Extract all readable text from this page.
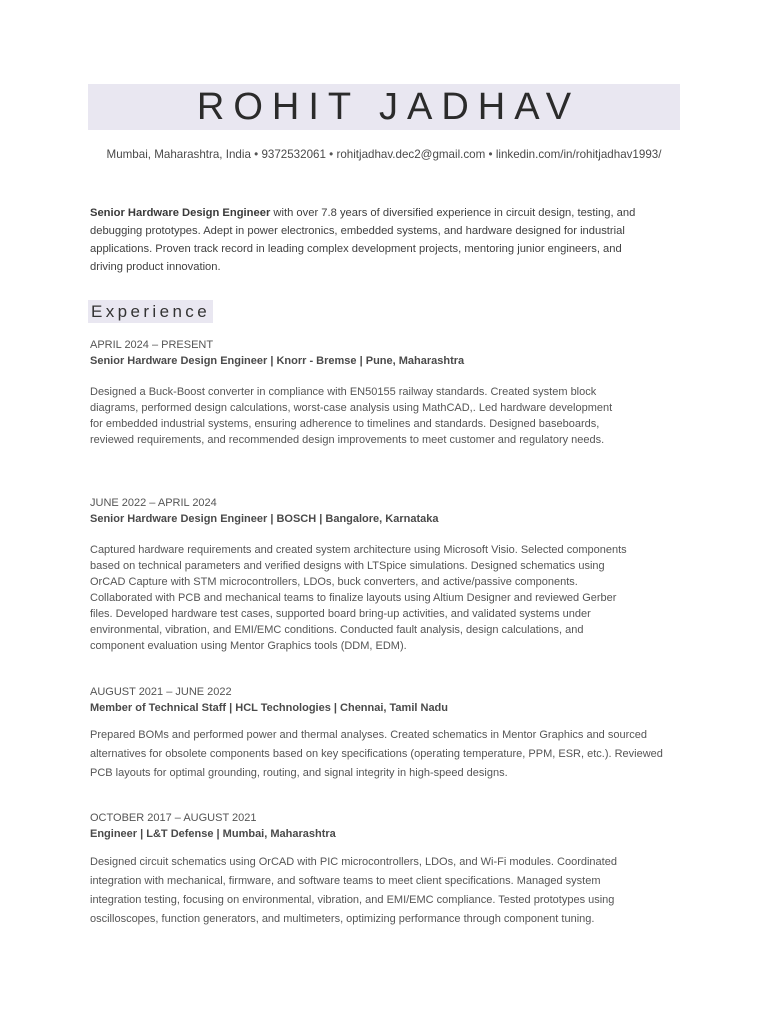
ROHIT JADHAV
Mumbai, Maharashtra, India • 9372532061 • rohitjadhav.dec2@gmail.com • linkedin.com/in/rohitjadhav1993/

Senior Hardware Design Engineer with over 7.8 years of diversified experience in circuit design, testing, and debugging prototypes. Adept in power electronics, embedded systems, and hardware designed for industrial applications. Proven track record in leading complex development projects, mentoring junior engineers, and driving product innovation.

Experience

APRIL 2024 – PRESENT

Senior Hardware Design Engineer | Knorr - Bremse | Pune, Maharashtra

Designed a Buck-Boost converter in compliance with EN50155 railway standards. Created system block diagrams, performed design calculations, worst-case analysis using MathCAD,. Led hardware development for embedded industrial systems, ensuring adherence to timelines and standards. Designed baseboards, reviewed requirements, and recommended design improvements to meet customer and regulatory needs.

JUNE 2022 – APRIL 2024

Senior Hardware Design Engineer | BOSCH | Bangalore, Karnataka

Captured hardware requirements and created system architecture using Microsoft Visio. Selected components based on technical parameters and verified designs with LTSpice simulations. Designed schematics using OrCAD Capture with STM microcontrollers, LDOs, buck converters, and active/passive components. Collaborated with PCB and mechanical teams to finalize layouts using Altium Designer and reviewed Gerber files. Developed hardware test cases, supported board bring-up activities, and validated systems under environmental, vibration, and EMI/EMC conditions. Conducted fault analysis, design calculations, and component evaluation using Mentor Graphics tools (DDM, EDM).

AUGUST 2021 – JUNE 2022

Member of Technical Staff | HCL Technologies | Chennai, Tamil Nadu

Prepared BOMs and performed power and thermal analyses. Created schematics in Mentor Graphics and sourced alternatives for obsolete components based on key specifications (operating temperature, PPM, ESR, etc.). Reviewed PCB layouts for optimal grounding, routing, and signal integrity in high-speed designs.

OCTOBER 2017 – AUGUST 2021

Engineer | L&T Defense | Mumbai, Maharashtra

Designed circuit schematics using OrCAD with PIC microcontrollers, LDOs, and Wi-Fi modules. Coordinated integration with mechanical, firmware, and software teams to meet client specifications. Managed system integration testing, focusing on environmental, vibration, and EMI/EMC compliance. Tested prototypes using oscilloscopes, function generators, and multimeters, optimizing performance through component tuning.
